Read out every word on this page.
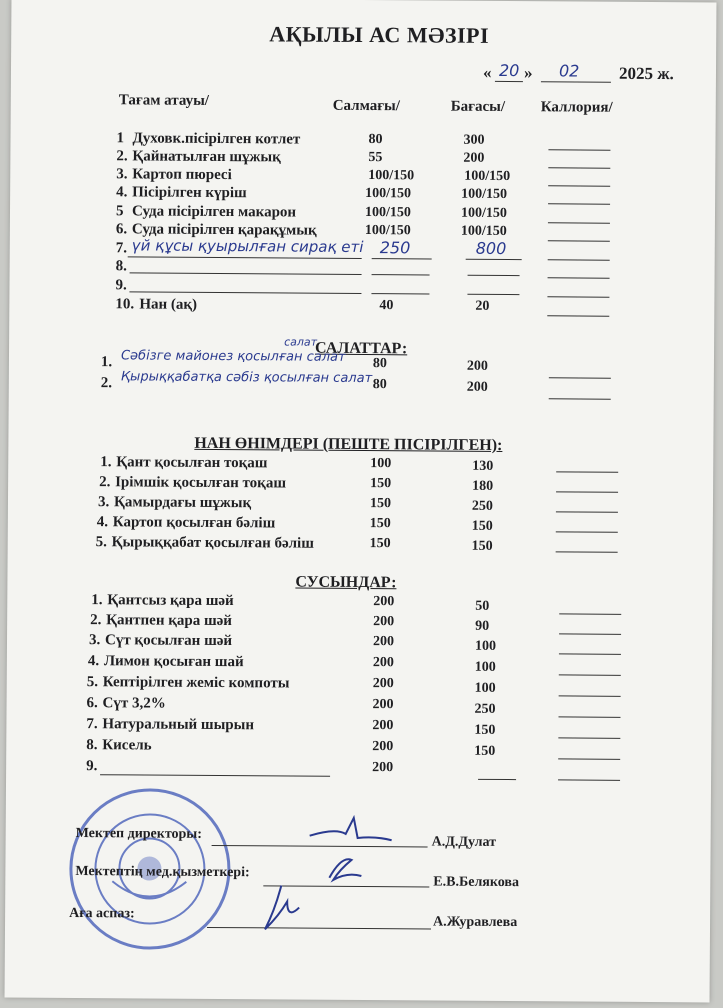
АҚЫЛЫ АС МӘЗІРІ
« 20 » 02 2025 ж.
Тағам атауы/	Салмағы/	Бағасы/ Каллория/
1 Духовк.пісірілген котлет	80	300
2. Қайнатылған шұжық	55	200
3. Картоп пюресі	100/150	100/150
4. Пісірілген күріш	100/150	100/150
5 Суда пісірілген макарон	100/150	100/150
6. Суда пісірілген қарақұмық	100/150	100/150
7. үй құсы қуырылған сирақ еті 250	800
8.
9.
10. Нан (ақ)	40	20
САЛАТТАР:
салат
1. Сәбізге майонез қосылған салат 80	200
2. Қырыққабатқа сәбіз қосылған салат 80	200
НАН ӨНІМДЕРІ (ПЕШТЕ ПІСІРІЛГЕН):
1. Қант қосылған тоқаш	100	130
2. Ірімшік қосылған тоқаш	150	180
3. Қамырдағы шұжық	150	250
4. Картоп қосылған бәліш	150	150
5. Қырыққабат қосылған бәліш	150	150
СУСЫНДАР:
1. Қантсыз қара шәй	200	50
2. Қантпен қара шәй	200	90
3. Сүт қосылған шәй	200	100
4. Лимон қосыған шай	200	100
5. Кептірілген жеміс компоты	200	100
6. Сүт 3,2%	200	250
7. Натуральный шырын	200	150
8. Кисель	200	150
9.	200
Мектеп директоры:
А.Д.Дулат
Мектептің мед.қызметкері:
Е.В.Белякова
Аға аспаз:
А.Журавлева
